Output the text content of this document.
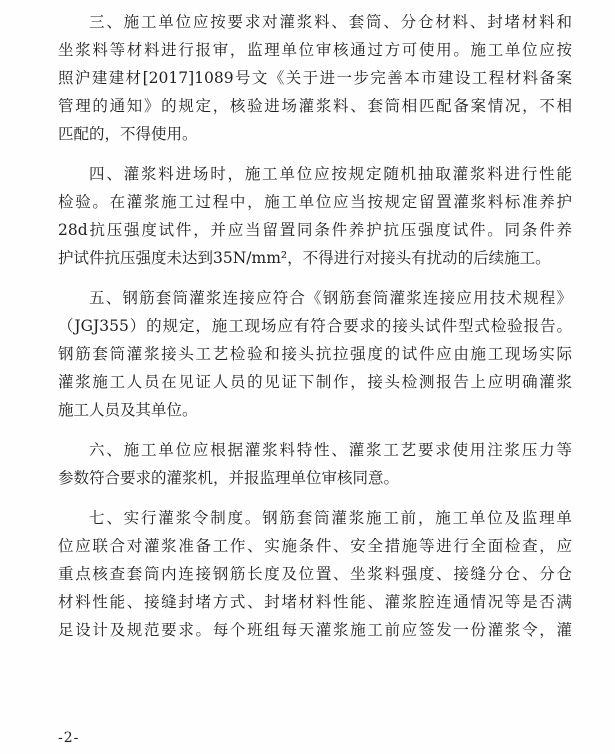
三、施工单位应按要求对灌浆料、套筒、分仓材料、封堵材料和
坐浆料等材料进行报审，监理单位审核通过方可使用。施工单位应按
照沪建建材[2017]1089号文《关于进一步完善本市建设工程材料备案
管理的通知》的规定，核验进场灌浆料、套筒相匹配备案情况，不相
匹配的，不得使用。
四、灌浆料进场时，施工单位应按规定随机抽取灌浆料进行性能
检验。在灌浆施工过程中，施工单位应当按规定留置灌浆料标准养护
28d抗压强度试件，并应当留置同条件养护抗压强度试件。同条件养
护试件抗压强度未达到35N/mm²，不得进行对接头有扰动的后续施工。
五、钢筋套筒灌浆连接应符合《钢筋套筒灌浆连接应用技术规程》
（JGJ355）的规定，施工现场应有符合要求的接头试件型式检验报告。
钢筋套筒灌浆接头工艺检验和接头抗拉强度的试件应由施工现场实际
灌浆施工人员在见证人员的见证下制作，接头检测报告上应明确灌浆
施工人员及其单位。
六、施工单位应根据灌浆料特性、灌浆工艺要求使用注浆压力等
参数符合要求的灌浆机，并报监理单位审核同意。
七、实行灌浆令制度。钢筋套筒灌浆施工前，施工单位及监理单
位应联合对灌浆准备工作、实施条件、安全措施等进行全面检查，应
重点核查套筒内连接钢筋长度及位置、坐浆料强度、接缝分仓、分仓
材料性能、接缝封堵方式、封堵材料性能、灌浆腔连通情况等是否满
足设计及规范要求。每个班组每天灌浆施工前应签发一份灌浆令，灌
-2-
